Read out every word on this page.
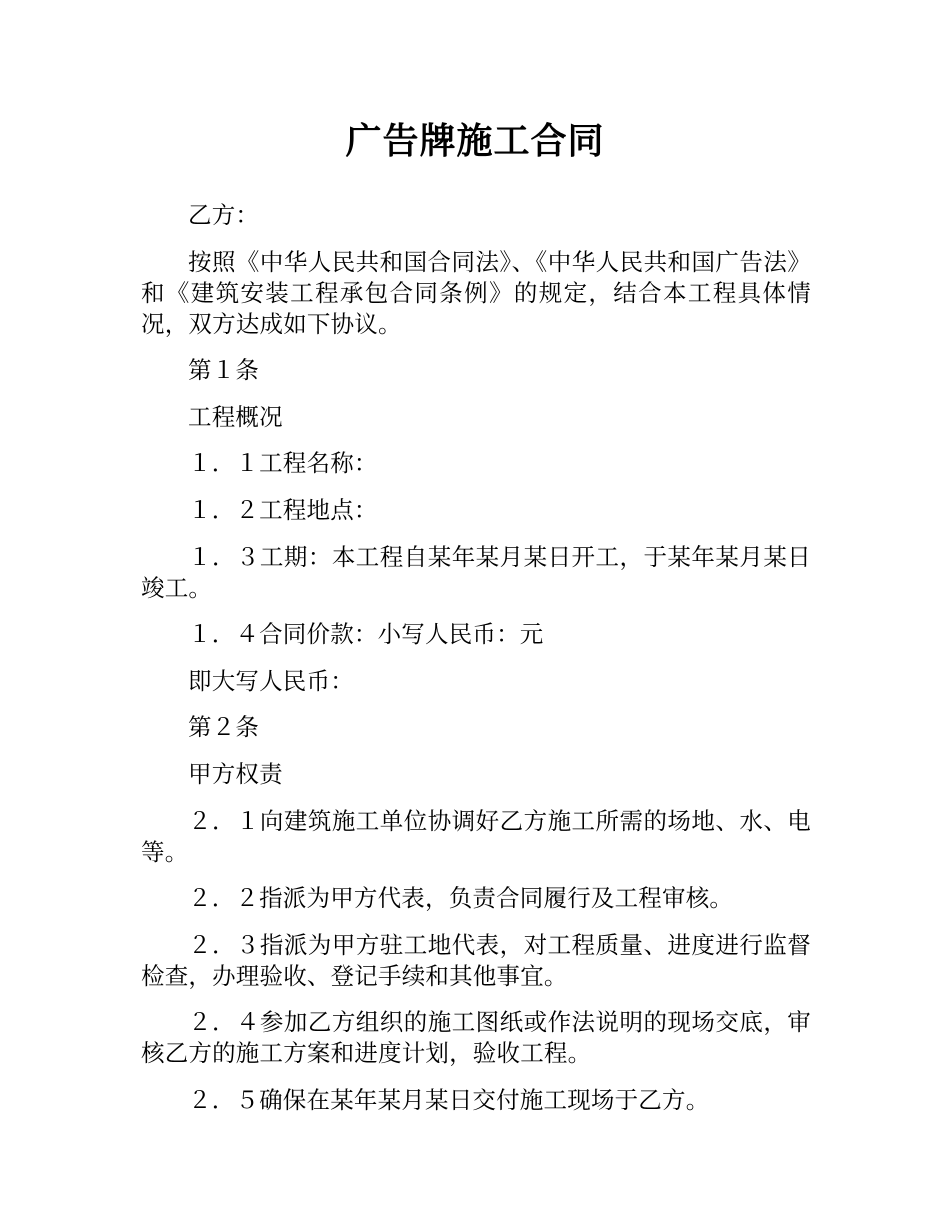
广告牌施工合同

乙方：

按照《中华人民共和国合同法》、《中华人民共和国广告法》和《建筑安装工程承包合同条例》的规定，结合本工程具体情况，双方达成如下协议。

第１条

工程概况

１．１工程名称：

１．２工程地点：

１．３工期：本工程自某年某月某日开工，于某年某月某日竣工。

１．４合同价款：小写人民币：元

即大写人民币：

第２条

甲方权责

２．１向建筑施工单位协调好乙方施工所需的场地、水、电等。

２．２指派为甲方代表，负责合同履行及工程审核。

２．３指派为甲方驻工地代表，对工程质量、进度进行监督检查，办理验收、登记手续和其他事宜。

２．４参加乙方组织的施工图纸或作法说明的现场交底，审核乙方的施工方案和进度计划，验收工程。

２．５确保在某年某月某日交付施工现场于乙方。
